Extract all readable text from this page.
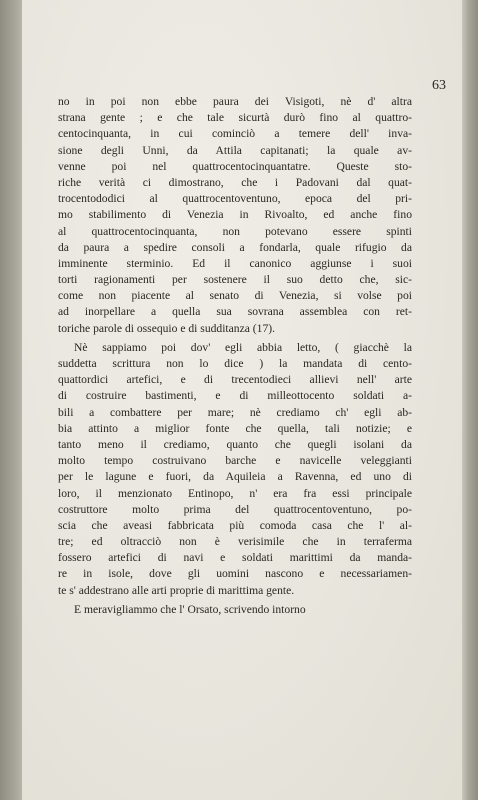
63
no in poi non ebbe paura dei Visigoti, nè d' altra
strana gente ; e che tale sicurtà durò fino al quattro-
centocinquanta, in cui cominciò a temere dell' inva-
sione degli Unni, da Attila capitanati; la quale av-
venne poi nel quattrocentocinquantatre. Queste sto-
riche verità ci dimostrano, che i Padovani dal quat-
trocentododici al quattrocentoventuno, epoca del pri-
mo stabilimento di Venezia in Rivoalto, ed anche fino
al quattrocentocinquanta, non potevano essere spinti
da paura a spedire consoli a fondarla, quale rifugio da
imminente sterminio. Ed il canonico aggiunse i suoi
torti ragionamenti per sostenere il suo detto che, sic-
come non piacente al senato di Venezia, si volse poi
ad inorpellare a quella sua sovrana assemblea con ret-
toriche parole di ossequio e di sudditanza (17).
Nè sappiamo poi dov' egli abbia letto, ( giacchè la
suddetta scrittura non lo dice ) la mandata di cento-
quattordici artefici, e di trecentodieci allievi nell' arte
di costruire bastimenti, e di milleottocento soldati a-
bili a combattere per mare; nè crediamo ch' egli ab-
bia attinto a miglior fonte che quella, tali notizie; e
tanto meno il crediamo, quanto che quegli isolani da
molto tempo costruivano barche e navicelle veleggianti
per le lagune e fuori, da Aquileia a Ravenna, ed uno di
loro, il menzionato Entinopo, n' era fra essi principale
costruttore molto prima del quattrocentoventuno, po-
scia che aveasi fabbricata più comoda casa che l' al-
tre; ed oltracciò non è verisimile che in terraferma
fossero artefici di navi e soldati marittimi da manda-
re in isole, dove gli uomini nascono e necessariamen-
te s' addestrano alle arti proprie di marittima gente.
E meravigliammo che l' Orsato, scrivendo intorno
